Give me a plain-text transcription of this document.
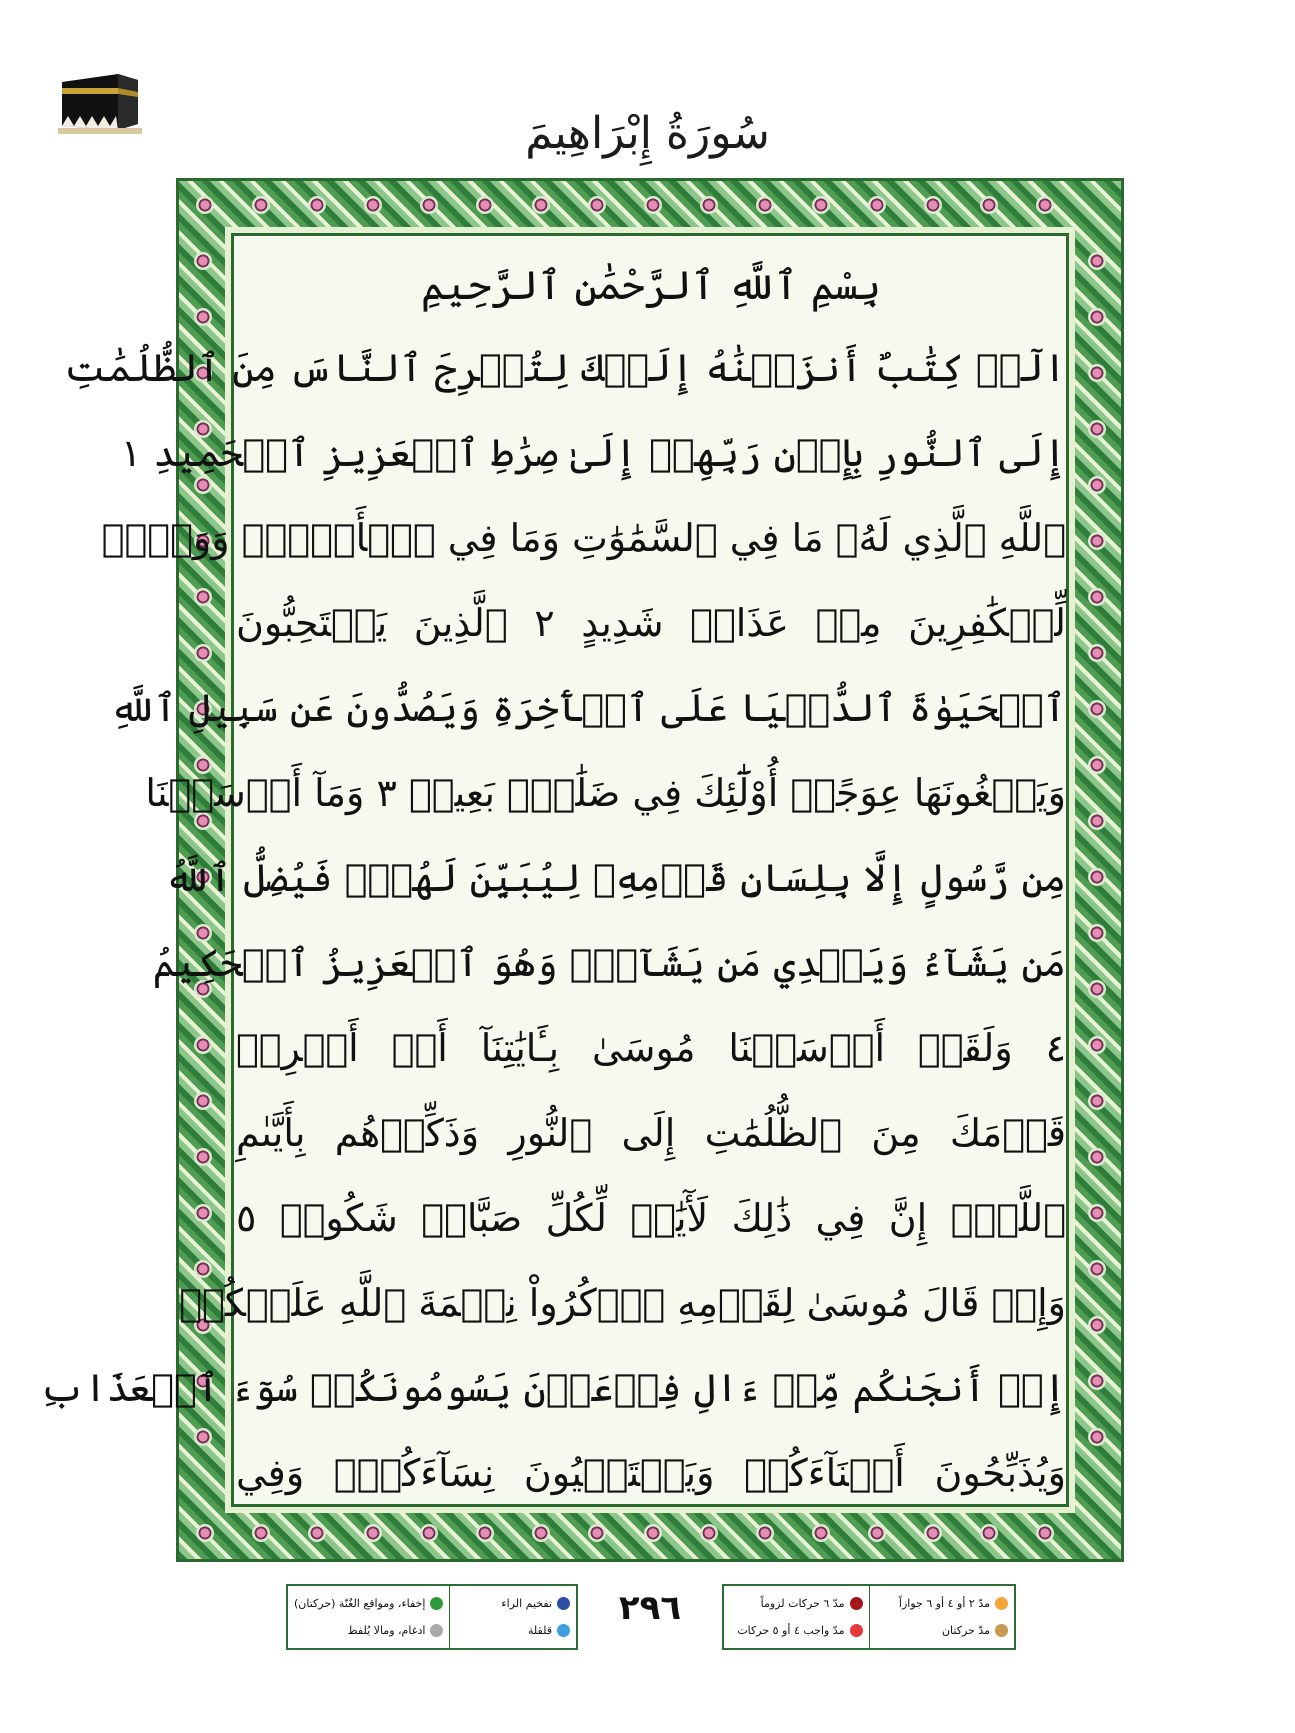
سُورَةُ إِبْرَاهِيمَ
بِسْمِ ٱللَّهِ ٱلرَّحْمَٰنِ ٱلرَّحِيمِ
الٓرۚ كِتَٰبٌ أَنزَلۡنَٰهُ إِلَيۡكَ لِتُخۡرِجَ ٱلنَّاسَ مِنَ ٱلظُّلُمَٰتِ
إِلَى ٱلنُّورِ بِإِذۡنِ رَبِّهِمۡ إِلَىٰ صِرَٰطِ ٱلۡعَزِيزِ ٱلۡحَمِيدِ ١
ٱللَّهِ ٱلَّذِي لَهُۥ مَا فِي ٱلسَّمَٰوَٰتِ وَمَا فِي ٱلۡأَرۡضِۗ وَوَيۡلٞ
لِّلۡكَٰفِرِينَ مِنۡ عَذَابٖ شَدِيدٍ ٢ ٱلَّذِينَ يَسۡتَحِبُّونَ
ٱلۡحَيَوٰةَ ٱلدُّنۡيَا عَلَى ٱلۡأٓخِرَةِ وَيَصُدُّونَ عَن سَبِيلِ ٱللَّهِ
وَيَبۡغُونَهَا عِوَجًاۚ أُوْلَٰٓئِكَ فِي ضَلَٰلِۭ بَعِيدٖ ٣ وَمَآ أَرۡسَلۡنَا
مِن رَّسُولٍ إِلَّا بِلِسَانِ قَوۡمِهِۦ لِيُبَيِّنَ لَهُمۡۖ فَيُضِلُّ ٱللَّهُ
مَن يَشَآءُ وَيَهۡدِي مَن يَشَآءُۚ وَهُوَ ٱلۡعَزِيزُ ٱلۡحَكِيمُ
٤ وَلَقَدۡ أَرۡسَلۡنَا مُوسَىٰ بِـَٔايَٰتِنَآ أَنۡ أَخۡرِجۡ
قَوۡمَكَ مِنَ ٱلظُّلُمَٰتِ إِلَى ٱلنُّورِ وَذَكِّرۡهُم بِأَيَّىٰمِ
ٱللَّهِۚ إِنَّ فِي ذَٰلِكَ لَأٓيَٰتٖ لِّكُلِّ صَبَّارٖ شَكُورٖ ٥
وَإِذۡ قَالَ مُوسَىٰ لِقَوۡمِهِ ٱذۡكُرُواْ نِعۡمَةَ ٱللَّهِ عَلَيۡكُمۡ
إِذۡ أَنجَىٰكُم مِّنۡ ءَالِ فِرۡعَوۡنَ يَسُومُونَكُمۡ سُوٓءَ ٱلۡعَذَابِ
وَيُذَبِّحُونَ أَبۡنَآءَكُمۡ وَيَسۡتَحۡيُونَ نِسَآءَكُمۡۚ وَفِي
تفخيم الراء
قلقلة
إخفاء، ومواقع الغُنّة (حركتان)
ادغام، ومالا يُلفظ
٢٩٦	مدّ ٢ أو ٤ أو ٦ جوازاً
مدّ حركتان
مدّ ٦ حركات لزوماً
مدّ واجب ٤ أو ٥ حركات
